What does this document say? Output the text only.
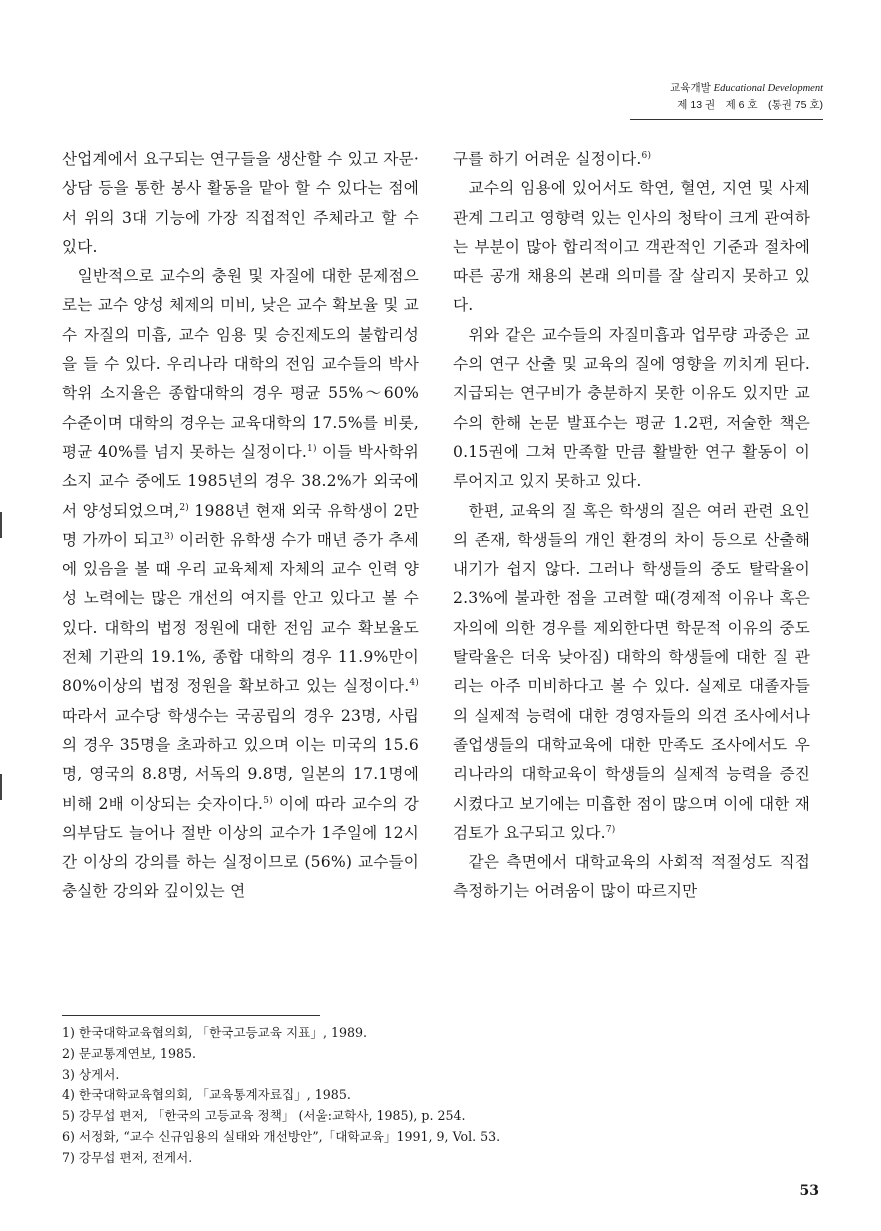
교육개발 Educational Development
제 13 권　제 6 호　(통권 75 호)

산업계에서 요구되는 연구들을 생산할 수 있고 자문·상담 등을 통한 봉사 활동을 맡아 할 수 있다는 점에서 위의 3대 기능에 가장 직접적인 주체라고 할 수 있다.

일반적으로 교수의 충원 및 자질에 대한 문제점으로는 교수 양성 체제의 미비, 낮은 교수 확보율 및 교수 자질의 미흡, 교수 임용 및 승진제도의 불합리성을 들 수 있다. 우리나라 대학의 전임 교수들의 박사학위 소지율은 종합대학의 경우 평균 55%～60% 수준이며 대학의 경우는 교육대학의 17.5%를 비롯, 평균 40%를 넘지 못하는 실정이다.$^{1)}$ 이들 박사학위 소지 교수 중에도 1985년의 경우 38.2%가 외국에서 양성되었으며,$^{2)}$ 1988년 현재 외국 유학생이 2만명 가까이 되고$^{3)}$ 이러한 유학생 수가 매년 증가 추세에 있음을 볼 때 우리 교육체제 자체의 교수 인력 양성 노력에는 많은 개선의 여지를 안고 있다고 볼 수 있다. 대학의 법정 정원에 대한 전임 교수 확보율도 전체 기관의 19.1%, 종합 대학의 경우 11.9%만이 80%이상의 법정 정원을 확보하고 있는 실정이다.$^{4)}$ 따라서 교수당 학생수는 국공립의 경우 23명, 사립의 경우 35명을 초과하고 있으며 이는 미국의 15.6명, 영국의 8.8명, 서독의 9.8명, 일본의 17.1명에 비해 2배 이상되는 숫자이다.$^{5)}$ 이에 따라 교수의 강의부담도 늘어나 절반 이상의 교수가 1주일에 12시간 이상의 강의를 하는 실정이므로 (56%) 교수들이 충실한 강의와 깊이있는 연

구를 하기 어려운 실정이다.$^{6)}$

교수의 임용에 있어서도 학연, 혈연, 지연 및 사제 관계 그리고 영향력 있는 인사의 청탁이 크게 관여하는 부분이 많아 합리적이고 객관적인 기준과 절차에 따른 공개 채용의 본래 의미를 잘 살리지 못하고 있다.

위와 같은 교수들의 자질미흡과 업무량 과중은 교수의 연구 산출 및 교육의 질에 영향을 끼치게 된다. 지급되는 연구비가 충분하지 못한 이유도 있지만 교수의 한해 논문 발표수는 평균 1.2편, 저술한 책은 0.15권에 그쳐 만족할 만큼 활발한 연구 활동이 이루어지고 있지 못하고 있다.

한편, 교육의 질 혹은 학생의 질은 여러 관련 요인의 존재, 학생들의 개인 환경의 차이 등으로 산출해내기가 쉽지 않다. 그러나 학생들의 중도 탈락율이 2.3%에 불과한 점을 고려할 때(경제적 이유나 혹은 자의에 의한 경우를 제외한다면 학문적 이유의 중도 탈락율은 더욱 낮아짐) 대학의 학생들에 대한 질 관리는 아주 미비하다고 볼 수 있다. 실제로 대졸자들의 실제적 능력에 대한 경영자들의 의견 조사에서나 졸업생들의 대학교육에 대한 만족도 조사에서도 우리나라의 대학교육이 학생들의 실제적 능력을 증진시켰다고 보기에는 미흡한 점이 많으며 이에 대한 재검토가 요구되고 있다.$^{7)}$

같은 측면에서 대학교육의 사회적 적절성도 직접 측정하기는 어려움이 많이 따르지만

1) 한국대학교육협의회, 「한국고등교육 지표」, 1989.
2) 문교통계연보, 1985.
3) 상게서.
4) 한국대학교육협의회, 「교육통계자료집」, 1985.
5) 강무섭 편저, 「한국의 고등교육 정책」 (서울:교학사, 1985), p. 254.
6) 서정화, “교수 신규임용의 실태와 개선방안”,「대학교육」1991, 9, Vol. 53.
7) 강무섭 편저, 전게서.
53
